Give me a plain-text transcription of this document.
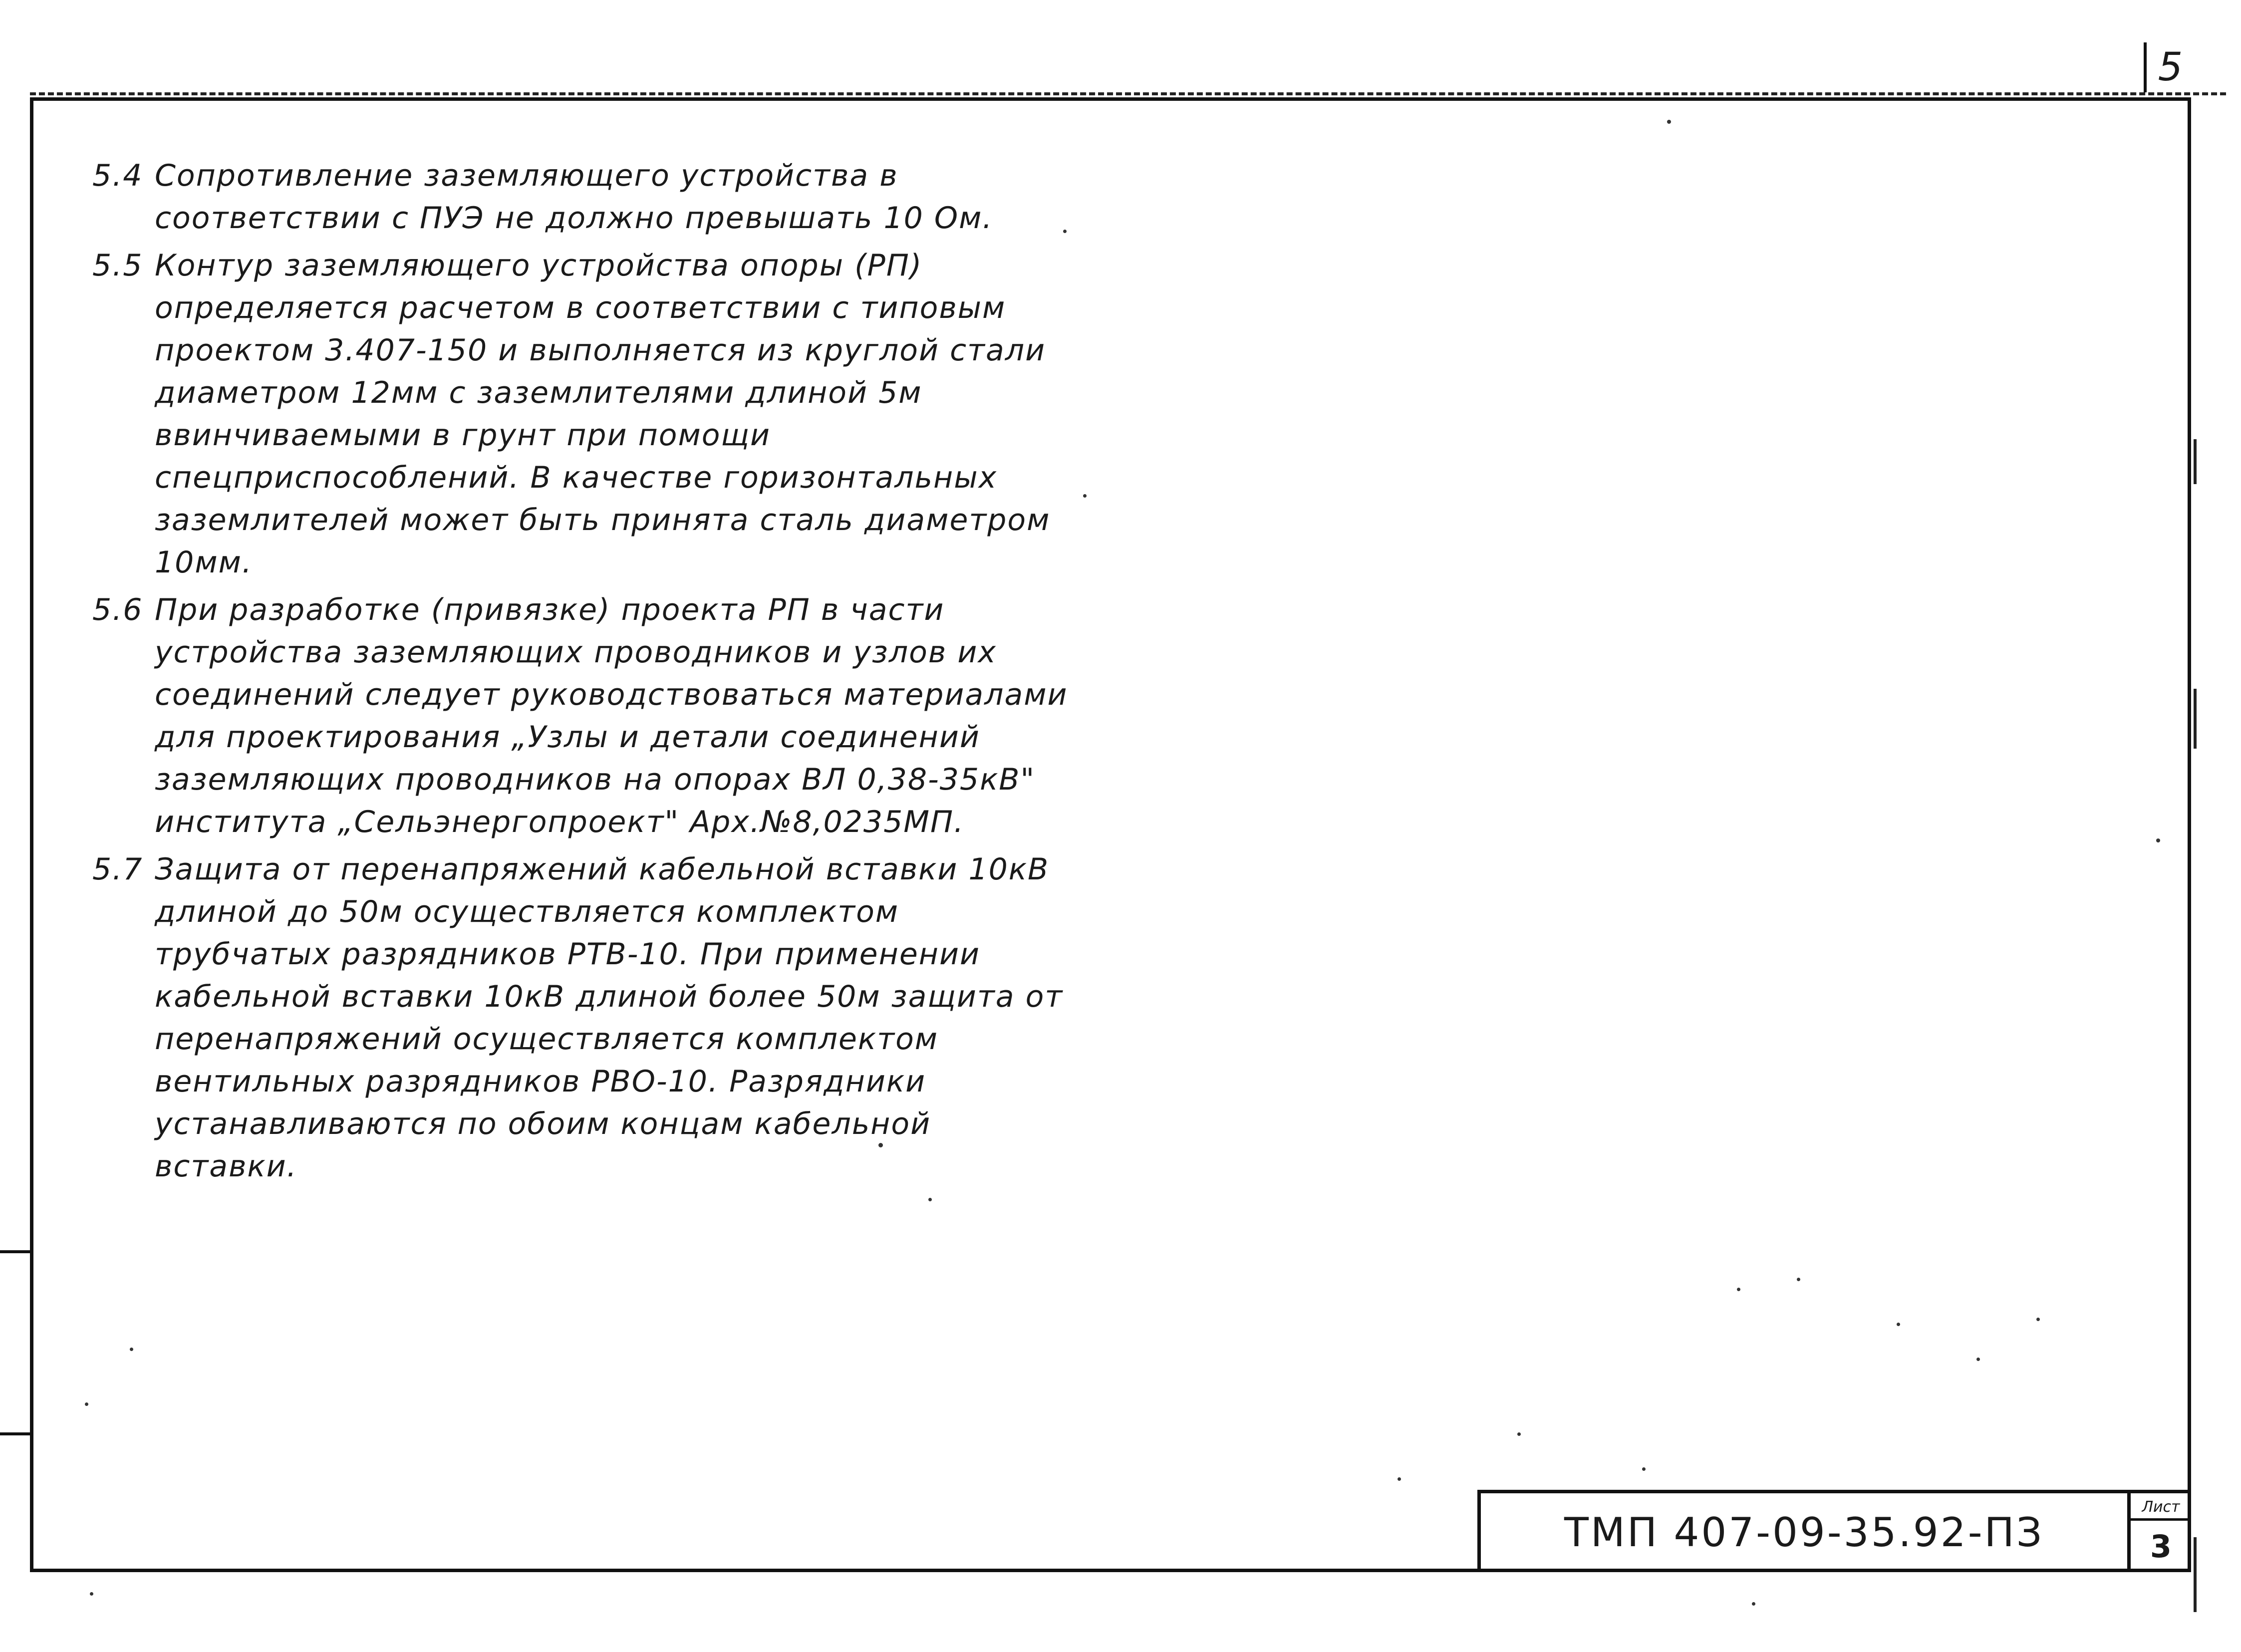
5
5.4 Сопротивление заземляющего устройства в соответствии с ПУЭ не должно превышать 10 Ом.
5.5 Контур заземляющего устройства опоры (РП) определяется расчетом в соответствии с типовым проектом 3.407-150 и выполняется из круглой стали диаметром 12мм с заземлителями длиной 5м ввинчиваемыми в грунт при помощи спецприспособлений. В качестве горизонтальных заземлителей может быть принята сталь диаметром 10мм.
5.6 При разработке (привязке) проекта РП в части устройства заземляющих проводников и узлов их соединений следует руководствоваться материалами для проектирования „Узлы и детали соединений заземляющих проводников на опорах ВЛ 0,38-35кВ" института „Сельэнергопроект" Арх.№8,0235МП.
5.7 Защита от перенапряжений кабельной вставки 10кВ длиной до 50м осуществляется комплектом трубчатых разрядников РТВ-10. При применении кабельной вставки 10кВ длиной более 50м защита от перенапряжений осуществляется комплектом вентильных разрядников РВО-10. Разрядники устанавливаются по обоим концам кабельной вставки.
ТМП 407-09-35.92-ПЗ
Лист
3
